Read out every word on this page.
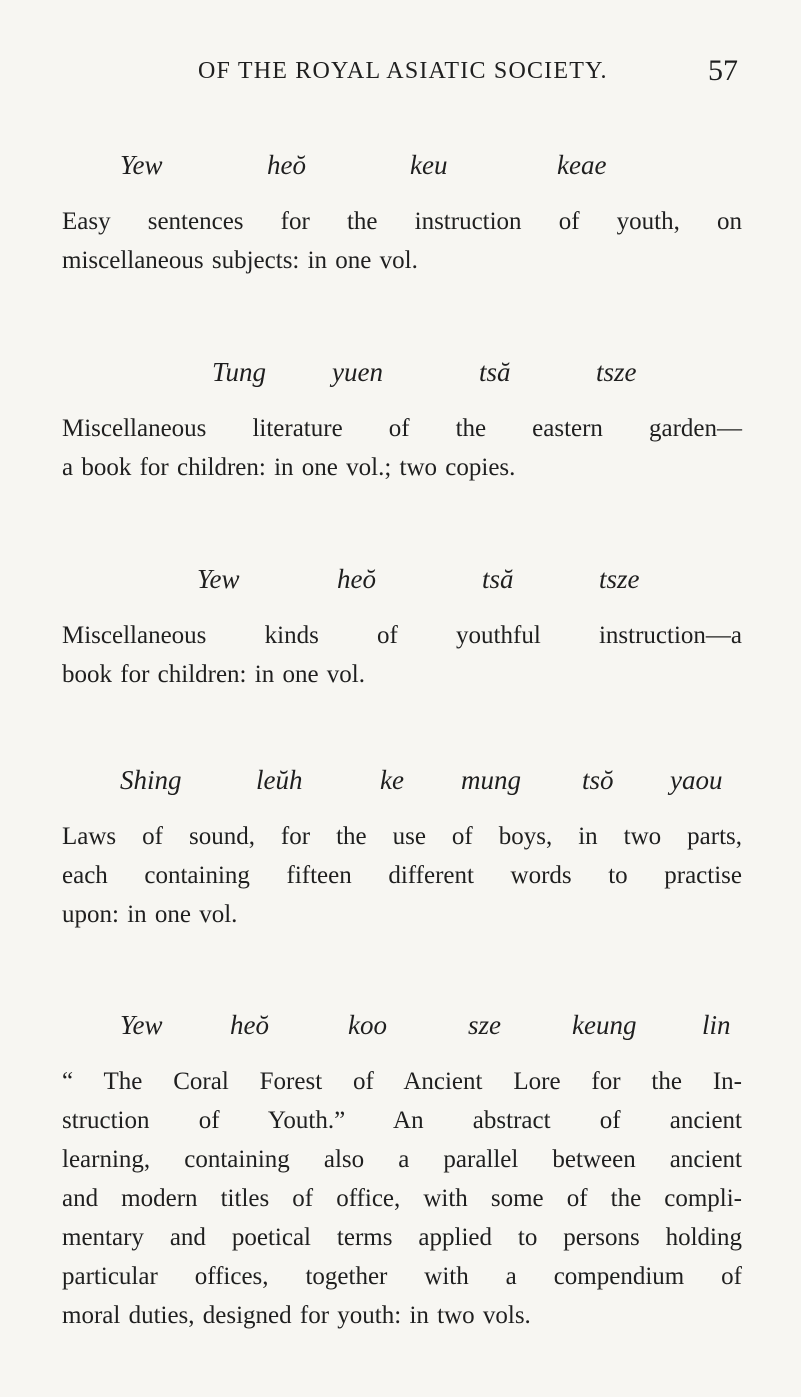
OF THE ROYAL ASIATIC SOCIETY.	57
Yew	heŏ	keu	keae
Easy sentences for the instruction of youth, on
miscellaneous subjects: in one vol.
Tung yuen	tsă	tsze
Miscellaneous literature of the eastern garden—
a book for children: in one vol.; two copies.
Yew	heŏ	tsă	tsze
Miscellaneous kinds of youthful instruction—a
book for children: in one vol.
Shing	leŭh	ke mung tsŏ yaou
Laws of sound, for the use of boys, in two parts,
each containing fifteen different words to practise
upon: in one vol.
Yew heŏ	koo	sze	keung lin
“ The Coral Forest of Ancient Lore for the In-
struction of Youth.” An abstract of ancient
learning, containing also a parallel between ancient
and modern titles of office, with some of the compli-
mentary and poetical terms applied to persons holding
particular offices, together with a compendium of
moral duties, designed for youth: in two vols.
